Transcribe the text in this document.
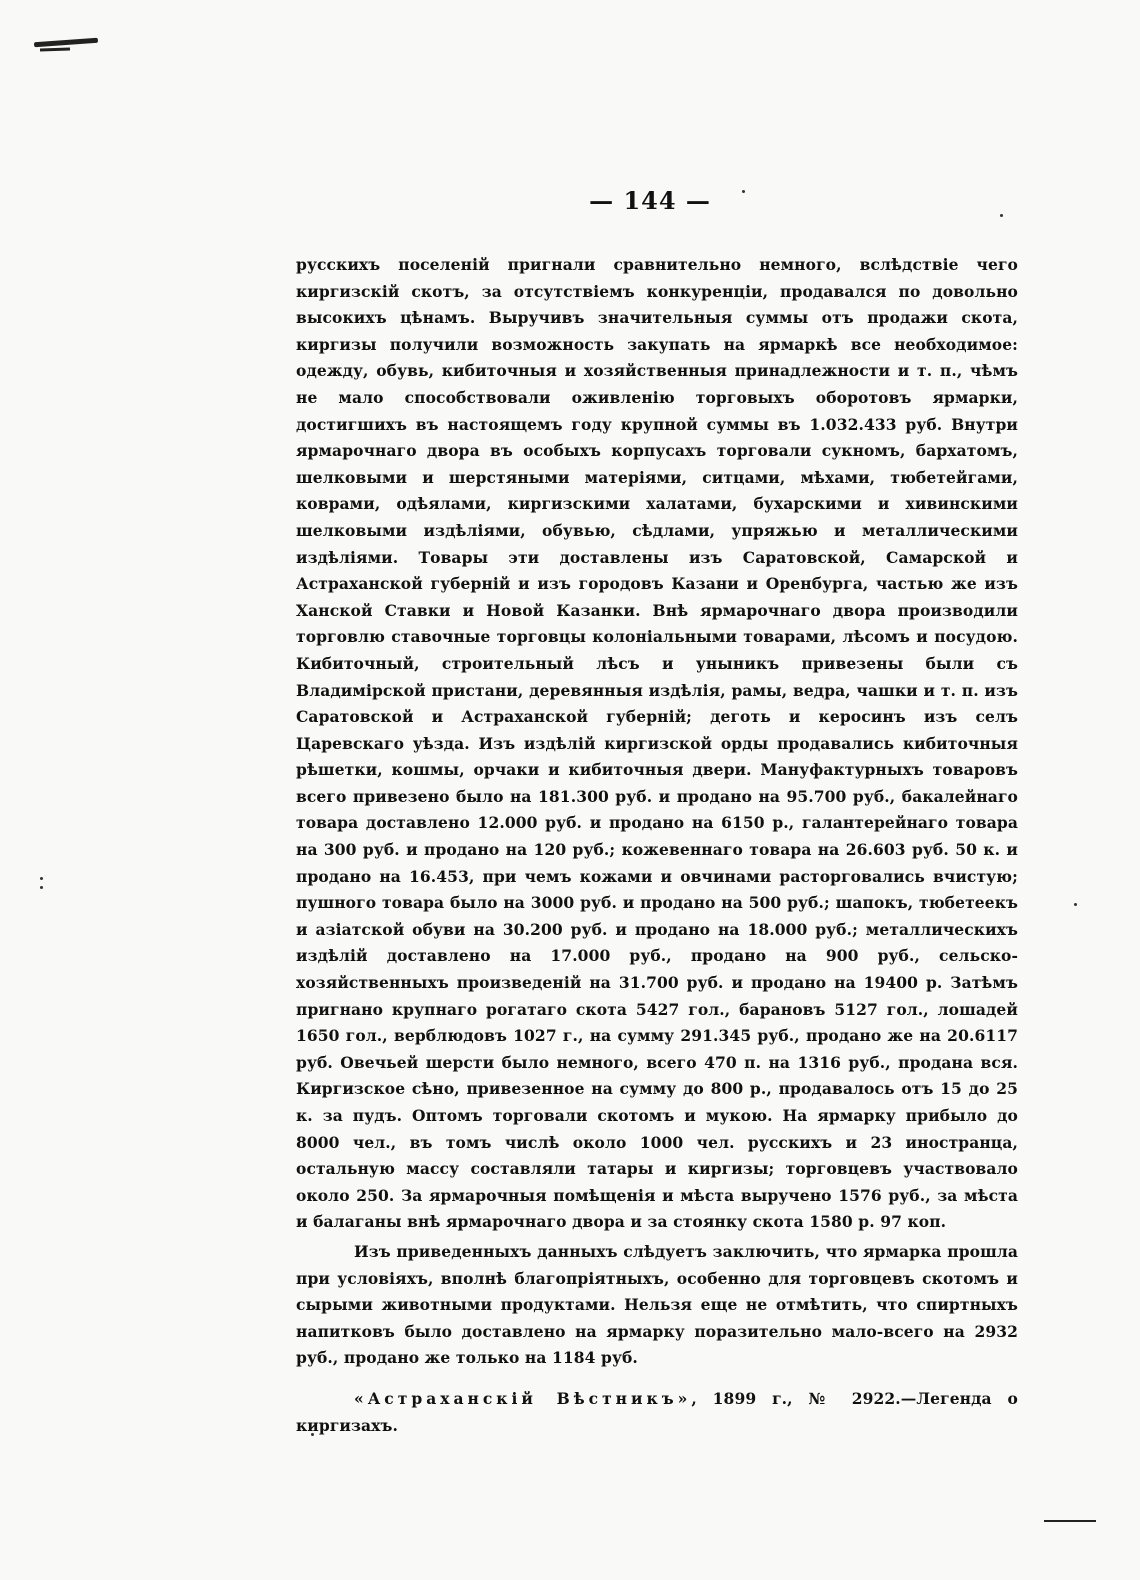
— 144 —

русскихъ поселеній пригнали сравнительно немного, вслѣдствіе чего киргизскій скотъ, за отсутствіемъ конкуренціи, продавался по довольно высокихъ цѣнамъ. Выручивъ значительныя суммы отъ продажи скота, киргизы получили возможность закупать на ярмаркѣ все необходимое: одежду, обувь, кибиточныя и хозяйственныя принадлежности и т. п., чѣмъ не мало способствовали оживленію торговыхъ оборотовъ ярмарки, достигшихъ въ настоящемъ году крупной суммы въ 1.032.433 руб. Внутри ярмарочнаго двора въ особыхъ корпусахъ торговали сукномъ, бархатомъ, шелковыми и шерстяными матеріями, ситцами, мѣхами, тюбетейгами, коврами, одѣялами, киргизскими халатами, бухарскими и хивинскими шелковыми издѣліями, обувью, сѣдлами, упряжью и металлическими издѣліями. Товары эти доставлены изъ Саратовской, Самарской и Астраханской губерній и изъ городовъ Казани и Оренбурга, частью же изъ Ханской Ставки и Новой Казанки. Внѣ ярмарочнаго двора производили торговлю ставочные торговцы колоніальными товарами, лѣсомъ и посудою. Кибиточный, строительный лѣсъ и уныникъ привезены были съ Владимірской пристани, деревянныя издѣлія, рамы, ведра, чашки и т. п. изъ Саратовской и Астраханской губерній; деготь и керосинъ изъ селъ Царевскаго уѣзда. Изъ издѣлій киргизской орды продавались кибиточныя рѣшетки, кошмы, орчаки и кибиточныя двери. Мануфактурныхъ товаровъ всего привезено было на 181.300 руб. и продано на 95.700 руб., бакалейнаго товара доставлено 12.000 руб. и продано на 6150 р., галантерейнаго товара на 300 руб. и продано на 120 руб.; кожевеннаго товара на 26.603 руб. 50 к. и продано на 16.453, при чемъ кожами и овчинами расторговались вчистую; пушного товара было на 3000 руб. и продано на 500 руб.; шапокъ, тюбетеекъ и азіатской обуви на 30.200 руб. и продано на 18.000 руб.; металлическихъ издѣлій доставлено на 17.000 руб., продано на 900 руб., сельско-хозяйственныхъ произведеній на 31.700 руб. и продано на 19400 р. Затѣмъ пригнано крупнаго рогатаго скота 5427 гол., барановъ 5127 гол., лошадей 1650 гол., верблюдовъ 1027 г., на сумму 291.345 руб., продано же на 20.6117 руб. Овечьей шерсти было немного, всего 470 п. на 1316 руб., продана вся. Киргизское сѣно, привезенное на сумму до 800 р., продавалось отъ 15 до 25 к. за пудъ. Оптомъ торговали скотомъ и мукою. На ярмарку прибыло до 8000 чел., въ томъ числѣ около 1000 чел. русскихъ и 23 иностранца, остальную массу составляли татары и киргизы; торговцевъ участвовало около 250. За ярмарочныя помѣщенія и мѣста выручено 1576 руб., за мѣста и балаганы внѣ ярмарочнаго двора и за стоянку скота 1580 р. 97 коп.

Изъ приведенныхъ данныхъ слѣдуетъ заключить, что ярмарка прошла при условіяхъ, вполнѣ благопріятныхъ, особенно для торговцевъ скотомъ и сырыми животными продуктами. Нельзя еще не отмѣтить, что спиртныхъ напитковъ было доставлено на ярмарку поразительно мало-всего на 2932 руб., продано же только на 1184 руб.

«Астраханскій Вѣстникъ», 1899 г., № 2922.—Легенда о киргизахъ.
